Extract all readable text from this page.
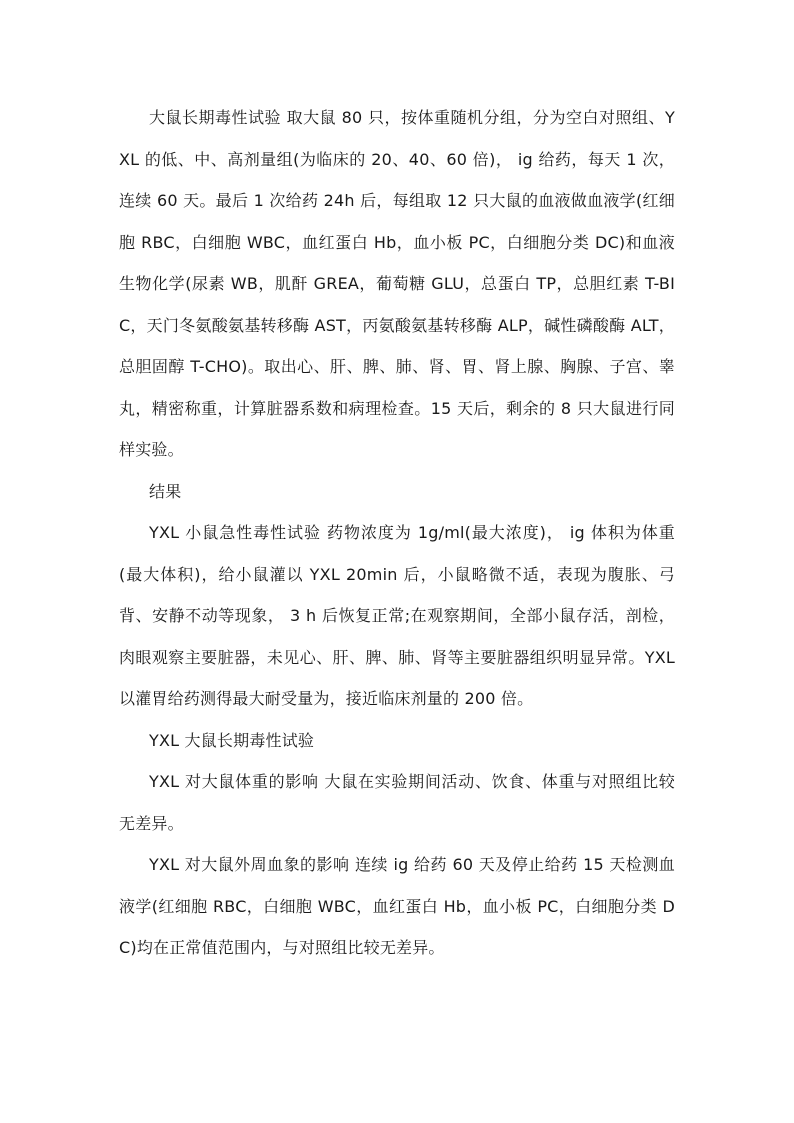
大鼠长期毒性试验 取大鼠 80 只，按体重随机分组，分为空白对照组、YXL 的低、中、高剂量组(为临床的 20、40、60 倍)， ig 给药，每天 1 次，连续 60 天。最后 1 次给药 24h 后，每组取 12 只大鼠的血液做血液学(红细胞 RBC，白细胞 WBC，血红蛋白 Hb，血小板 PC，白细胞分类 DC)和血液生物化学(尿素 WB，肌酐 GREA，葡萄糖 GLU，总蛋白 TP，总胆红素 T-BIC，天门冬氨酸氨基转移酶 AST，丙氨酸氨基转移酶 ALP，碱性磷酸酶 ALT，总胆固醇 T-CHO)。取出心、肝、脾、肺、肾、胃、肾上腺、胸腺、子宫、睾丸，精密称重，计算脏器系数和病理检查。15 天后，剩余的 8 只大鼠进行同样实验。

结果

YXL 小鼠急性毒性试验 药物浓度为 1g/ml(最大浓度)， ig 体积为体重(最大体积)，给小鼠灌以 YXL 20min 后，小鼠略微不适，表现为腹胀、弓背、安静不动等现象， 3 h 后恢复正常;在观察期间，全部小鼠存活，剖检，肉眼观察主要脏器，未见心、肝、脾、肺、肾等主要脏器组织明显异常。YXL 以灌胃给药测得最大耐受量为，接近临床剂量的 200 倍。

YXL 大鼠长期毒性试验

YXL 对大鼠体重的影响 大鼠在实验期间活动、饮食、体重与对照组比较无差异。

YXL 对大鼠外周血象的影响 连续 ig 给药 60 天及停止给药 15 天检测血液学(红细胞 RBC，白细胞 WBC，血红蛋白 Hb，血小板 PC，白细胞分类 DC)均在正常值范围内，与对照组比较无差异。
